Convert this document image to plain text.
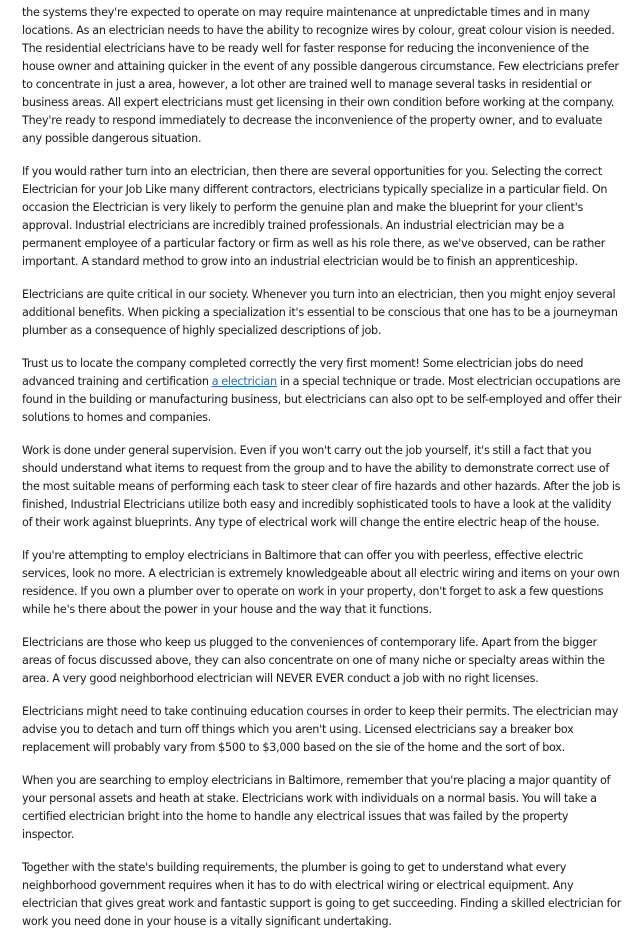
the systems they're expected to operate on may require maintenance at unpredictable times and in many locations. As an electrician needs to have the ability to recognize wires by colour, great colour vision is needed. The residential electricians have to be ready well for faster response for reducing the inconvenience of the house owner and attaining quicker in the event of any possible dangerous circumstance. Few electricians prefer to concentrate in just a area, however, a lot other are trained well to manage several tasks in residential or business areas. All expert electricians must get licensing in their own condition before working at the company. They're ready to respond immediately to decrease the inconvenience of the property owner, and to evaluate any possible dangerous situation.

If you would rather turn into an electrician, then there are several opportunities for you. Selecting the correct Electrician for your Job Like many different contractors, electricians typically specialize in a particular field. On occasion the Electrician is very likely to perform the genuine plan and make the blueprint for your client's approval. Industrial electricians are incredibly trained professionals. An industrial electrician may be a permanent employee of a particular factory or firm as well as his role there, as we've observed, can be rather important. A standard method to grow into an industrial electrician would be to finish an apprenticeship.

Electricians are quite critical in our society. Whenever you turn into an electrician, then you might enjoy several additional benefits. When picking a specialization it's essential to be conscious that one has to be a journeyman plumber as a consequence of highly specialized descriptions of job.

Trust us to locate the company completed correctly the very first moment! Some electrician jobs do need advanced training and certification a electrician in a special technique or trade. Most electrician occupations are found in the building or manufacturing business, but electricians can also opt to be self-employed and offer their solutions to homes and companies.

Work is done under general supervision. Even if you won't carry out the job yourself, it's still a fact that you should understand what items to request from the group and to have the ability to demonstrate correct use of the most suitable means of performing each task to steer clear of fire hazards and other hazards. After the job is finished, Industrial Electricians utilize both easy and incredibly sophisticated tools to have a look at the validity of their work against blueprints. Any type of electrical work will change the entire electric heap of the house.

If you're attempting to employ electricians in Baltimore that can offer you with peerless, effective electric services, look no more. A electrician is extremely knowledgeable about all electric wiring and items on your own residence. If you own a plumber over to operate on work in your property, don't forget to ask a few questions while he's there about the power in your house and the way that it functions.

Electricians are those who keep us plugged to the conveniences of contemporary life. Apart from the bigger areas of focus discussed above, they can also concentrate on one of many niche or specialty areas within the area. A very good neighborhood electrician will NEVER EVER conduct a job with no right licenses.

Electricians might need to take continuing education courses in order to keep their permits. The electrician may advise you to detach and turn off things which you aren't using. Licensed electricians say a breaker box replacement will probably vary from $500 to $3,000 based on the sie of the home and the sort of box.

When you are searching to employ electricians in Baltimore, remember that you're placing a major quantity of your personal assets and heath at stake. Electricians work with individuals on a normal basis. You will take a certified electrician bright into the home to handle any electrical issues that was failed by the property inspector.

Together with the state's building requirements, the plumber is going to get to understand what every neighborhood government requires when it has to do with electrical wiring or electrical equipment. Any electrician that gives great work and fantastic support is going to get succeeding. Finding a skilled electrician for work you need done in your house is a vitally significant undertaking.
